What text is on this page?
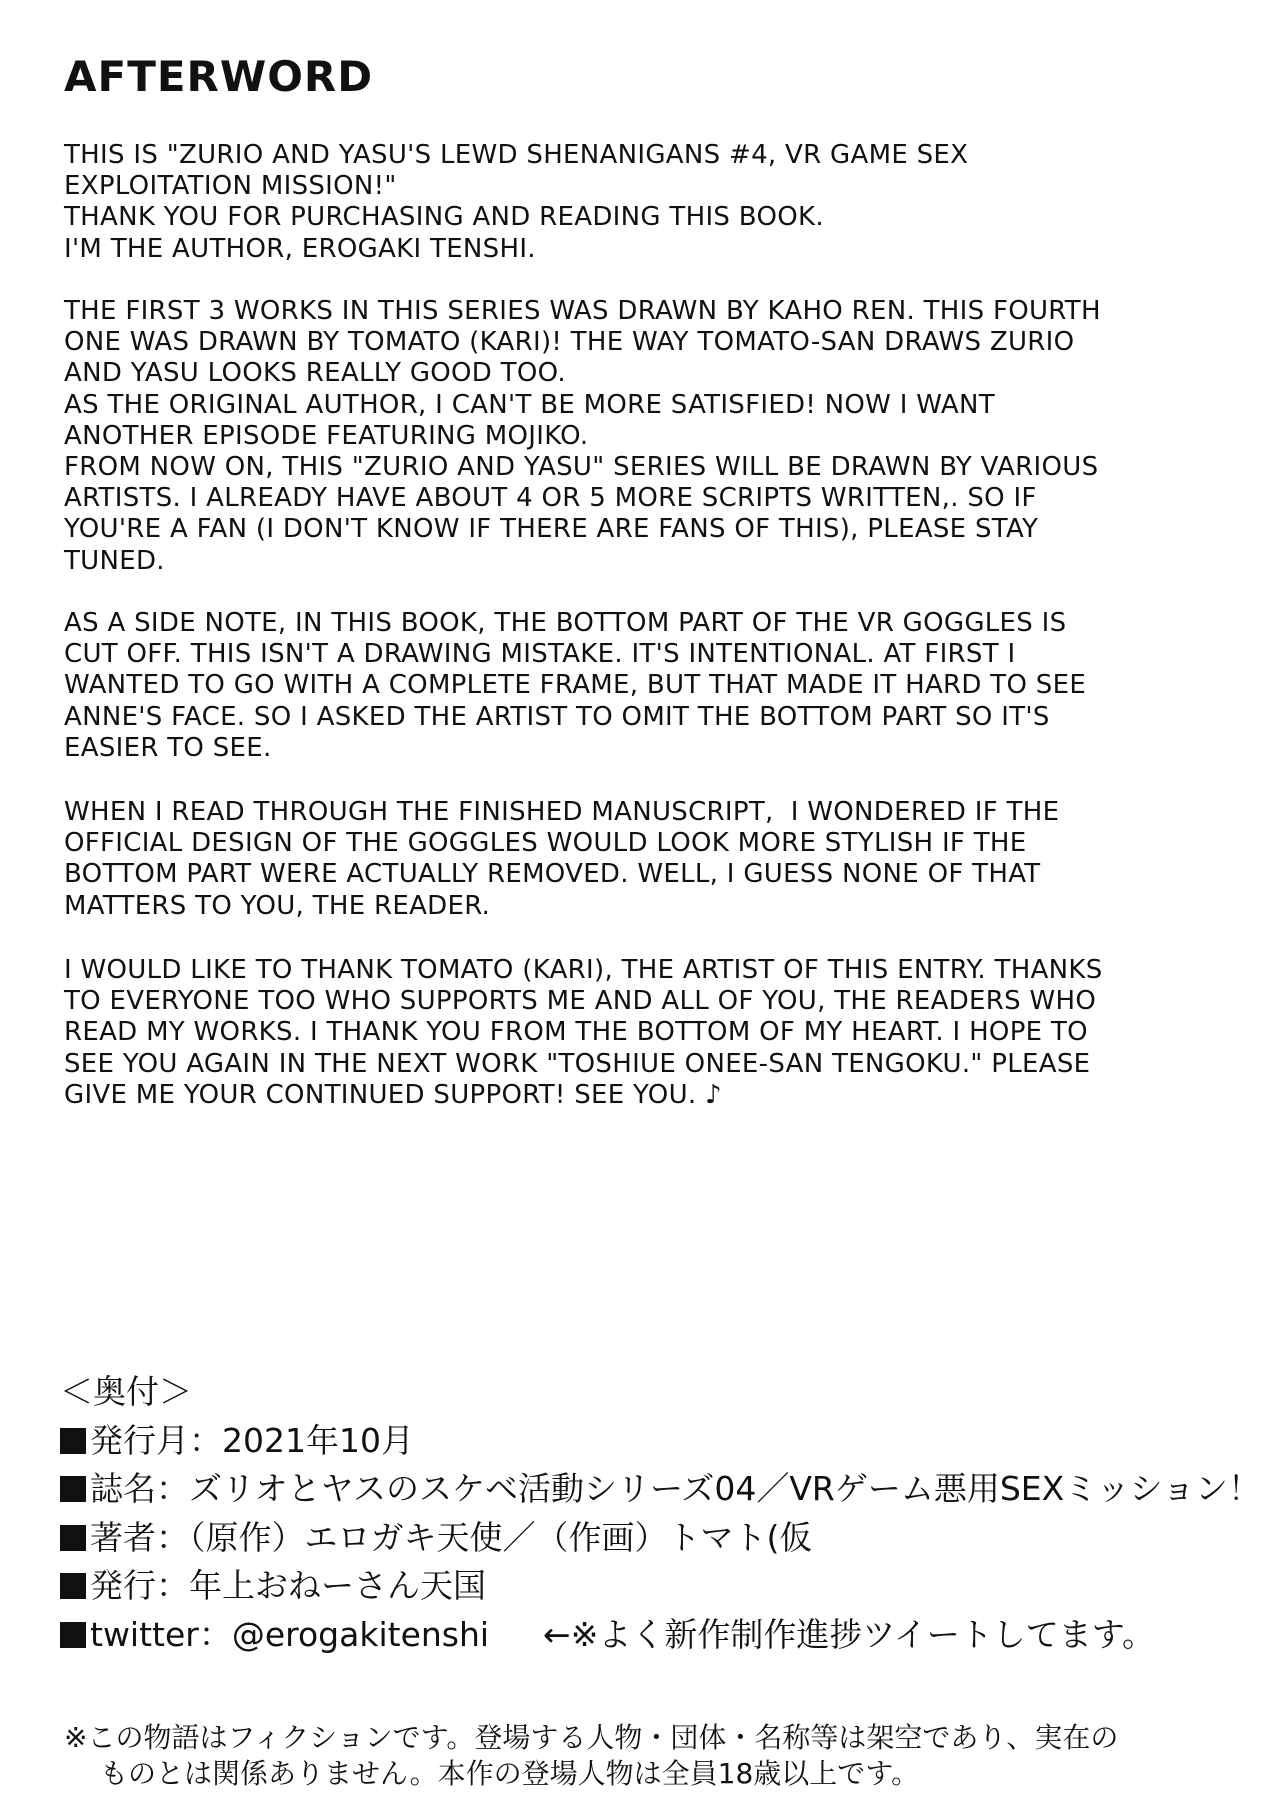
AFTERWORD
THIS IS "ZURIO AND YASU'S LEWD SHENANIGANS #4, VR GAME SEX
EXPLOITATION MISSION!"
THANK YOU FOR PURCHASING AND READING THIS BOOK.
I'M THE AUTHOR, EROGAKI TENSHI.
THE FIRST 3 WORKS IN THIS SERIES WAS DRAWN BY KAHO REN. THIS FOURTH
ONE WAS DRAWN BY TOMATO (KARI)! THE WAY TOMATO-SAN DRAWS ZURIO
AND YASU LOOKS REALLY GOOD TOO.
AS THE ORIGINAL AUTHOR, I CAN'T BE MORE SATISFIED! NOW I WANT
ANOTHER EPISODE FEATURING MOJIKO.
FROM NOW ON, THIS "ZURIO AND YASU" SERIES WILL BE DRAWN BY VARIOUS
ARTISTS. I ALREADY HAVE ABOUT 4 OR 5 MORE SCRIPTS WRITTEN,. SO IF
YOU'RE A FAN (I DON'T KNOW IF THERE ARE FANS OF THIS), PLEASE STAY
TUNED.
AS A SIDE NOTE, IN THIS BOOK, THE BOTTOM PART OF THE VR GOGGLES IS
CUT OFF. THIS ISN'T A DRAWING MISTAKE. IT'S INTENTIONAL. AT FIRST I
WANTED TO GO WITH A COMPLETE FRAME, BUT THAT MADE IT HARD TO SEE
ANNE'S FACE. SO I ASKED THE ARTIST TO OMIT THE BOTTOM PART SO IT'S
EASIER TO SEE.
WHEN I READ THROUGH THE FINISHED MANUSCRIPT,  I WONDERED IF THE
OFFICIAL DESIGN OF THE GOGGLES WOULD LOOK MORE STYLISH IF THE
BOTTOM PART WERE ACTUALLY REMOVED. WELL, I GUESS NONE OF THAT
MATTERS TO YOU, THE READER.
I WOULD LIKE TO THANK TOMATO (KARI), THE ARTIST OF THIS ENTRY. THANKS
TO EVERYONE TOO WHO SUPPORTS ME AND ALL OF YOU, THE READERS WHO
READ MY WORKS. I THANK YOU FROM THE BOTTOM OF MY HEART. I HOPE TO
SEE YOU AGAIN IN THE NEXT WORK "TOSHIUE ONEE-SAN TENGOKU." PLEASE
GIVE ME YOUR CONTINUED SUPPORT! SEE YOU. ♪
＜奥付＞
発行月：2021年10月
誌名：ズリオとヤスのスケベ活動シリーズ04／VRゲーム悪用SEXミッション！
著者：（原作）エロガキ天使／（作画）トマト(仮
発行：年上おねーさん天国
twitter：@erogakitenshi　  ←※よく新作制作進捗ツイートしてます。
※この物語はフィクションです。登場する人物・団体・名称等は架空であり、実在の
ものとは関係ありません。本作の登場人物は全員18歳以上です。
